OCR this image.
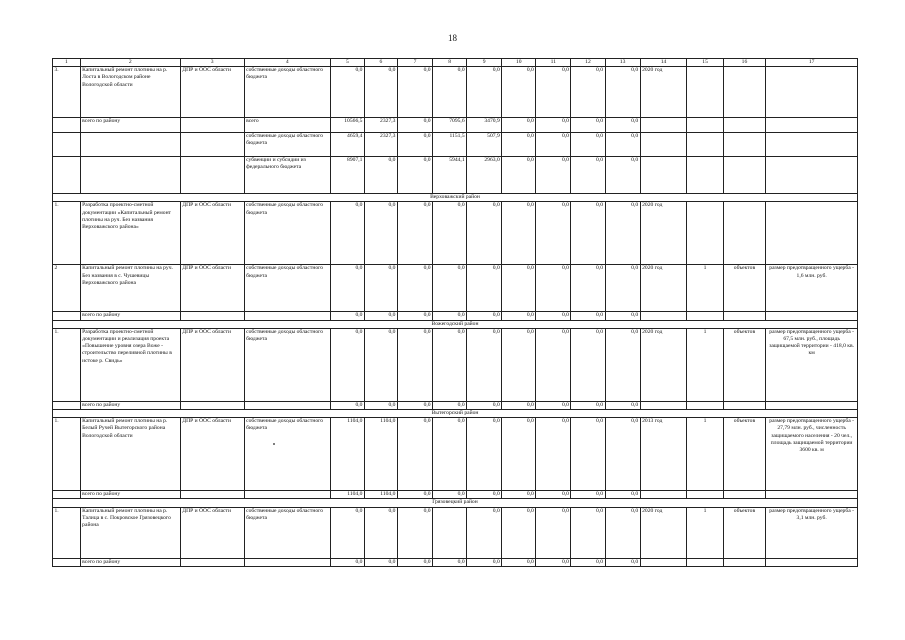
18
1	2	3	4	5	6	7	8	9	10	11	12	13	14	15	16	17
3.	Капитальный ремонт плотины на р. Лоста в Вологодском районе Вологодской области	ДПР и ООС области	собственные доходы областного бюджета	0,0	0,0	0,0	0,0	0,0	0,0	0,0	0,0	0,0	2020 год			
	всего по району		всего	10566,5	2327,3	0,0	7095,6	3470,9	0,0	0,0	0,0	0,0				
			собственные доходы областного бюджета	4659,4	2327,3	0,0	1151,5	507,9	0,0	0,0	0,0	0,0				
			субвенции и субсидии из федерального бюджета	8907,1	0,0	0,0	5944,1	2963,0	0,0	0,0	0,0	0,0				
Верховажский район																
1.	Разработка проектно-сметной документации «Капитальный ремонт плотины на руч. Без названия Верховажского района»	ДПР и ООС области	собственные доходы областного бюджета	0,0	0,0	0,0	0,0	0,0	0,0	0,0	0,0	0,0	2020 год			
2	Капитальный ремонт плотины на руч. Без названия в с. Чушевицы Верховажского района	ДПР и ООС области	собственные доходы областного бюджета	0,0	0,0	0,0	0,0	0,0	0,0	0,0	0,0	0,0	2020 год	1	объектов	размер предотвращенного ущерба - 1,6 млн. руб.
	всего по району			0,0	0,0	0,0	0,0	0,0	0,0	0,0	0,0	0,0				
Вожегодский район																
1.	Разработка проектно-сметной документации и реализация проекта «Повышение уровня озера Воже - строительство переливной плотины в истоке р. Свидь»	ДПР и ООС области	собственные доходы областного бюджета	0,0	0,0	0,0	0,0	0,0	0,0	0,0	0,0	0,0	2020 год	1	объектов	размер предотвращенного ущерба - 67,5 млн. руб., площадь защищаемой территории - 418,0 кв. км
	всего по району			0,0	0,0	0,0	0,0	0,0	0,0	0,0	0,0	0,0				
Вытегорский район																
1.	Капитальный ремонт плотины на р. Белый Ручей Вытегорского района Вологодской области	ДПР и ООС области	собственные доходы областного бюджета	1104,0	1104,0	0,0	0,0	0,0	0,0	0,0	0,0	0,0	2013 год	1	объектов	размер предотвращенного ущерба - 27,79 млн. руб., численность защищаемого населения - 20 чел., площадь защищаемой территории 3600 кв. м
	всего по району			1104,0	1104,0	0,0	0,0	0,0	0,0	0,0	0,0	0,0				
Грязовецкий район																
1.	Капитальный ремонт плотины на р. Талица в с. Покровское Грязовецкого района	ДПР и ООС области	собственные доходы областного бюджета	0,0	0,0	0,0		0,0	0,0	0,0	0,0	0,0	2020 год	1	объектов	размер предотвращенного ущерба - 3,1 млн. руб.
	всего по району			0,0	0,0	0,0	0,0	0,0	0,0	0,0	0,0	0,0				
